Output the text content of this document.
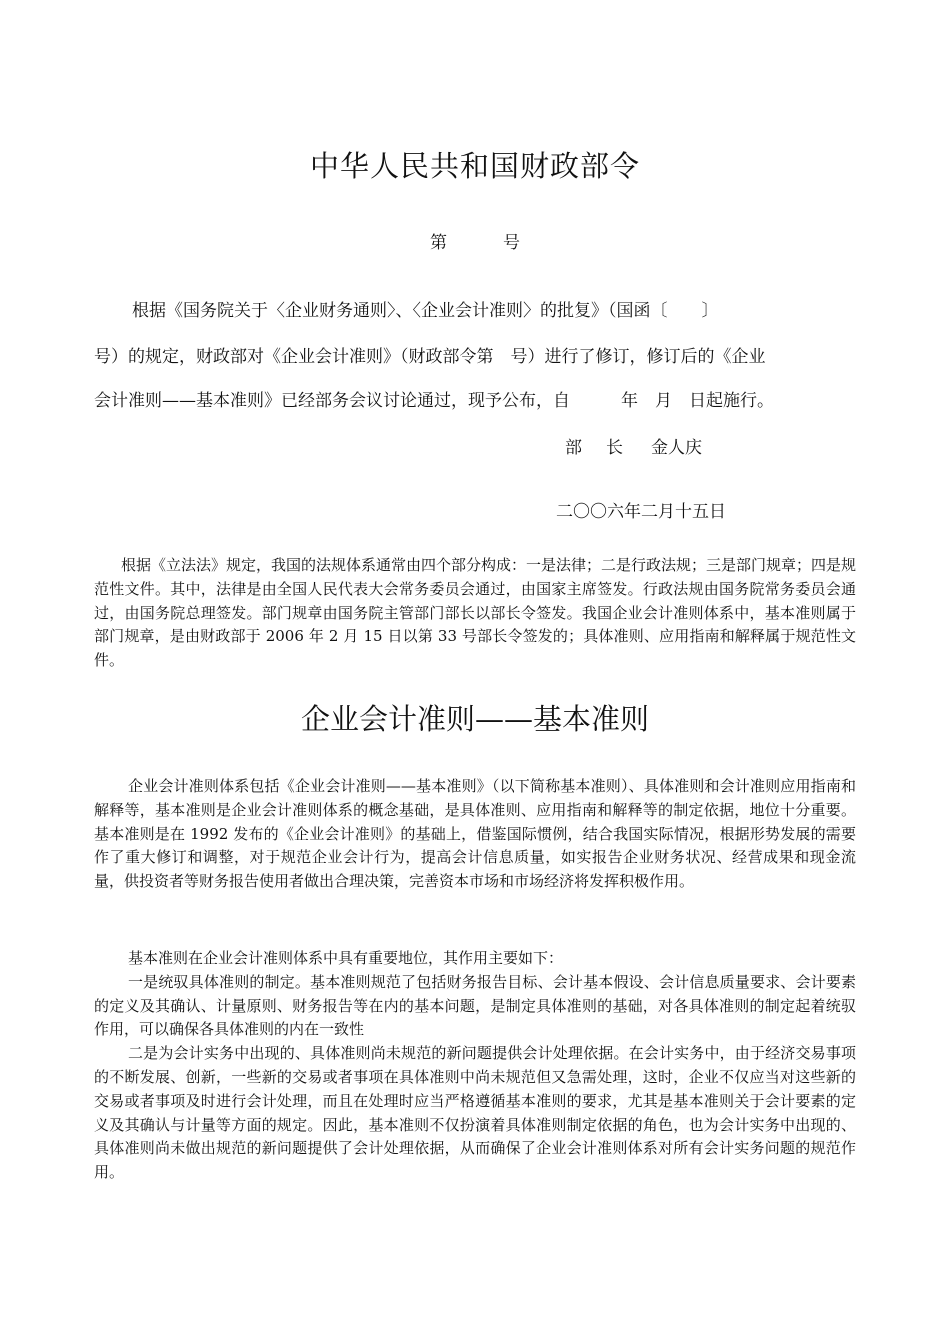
中华人民共和国财政部令
第	号
根据《国务院关于〈企业财务通则〉、〈企业会计准则〉的批复》（国函〔　　〕
号）的规定，财政部对《企业会计准则》（财政部令第　号）进行了修订，修订后的《企业
会计准则——基本准则》已经部务会议讨论通过，现予公布，自　　　年　月　日起施行。
部 长 金人庆
二〇〇六年二月十五日
根据《立法法》规定，我国的法规体系通常由四个部分构成：一是法律；二是行政法规；三是部门规章；四是规范性文件。其中，法律是由全国人民代表大会常务委员会通过，由国家主席签发。行政法规由国务院常务委员会通过，由国务院总理签发。部门规章由国务院主管部门部长以部长令签发。我国企业会计准则体系中，基本准则属于部门规章，是由财政部于 2006 年 2 月 15 日以第 33 号部长令签发的；具体准则、应用指南和解释属于规范性文件。
企业会计准则——基本准则
企业会计准则体系包括《企业会计准则——基本准则》（以下简称基本准则）、具体准则和会计准则应用指南和解释等，基本准则是企业会计准则体系的概念基础，是具体准则、应用指南和解释等的制定依据，地位十分重要。基本准则是在 1992 发布的《企业会计准则》的基础上，借鉴国际惯例，结合我国实际情况，根据形势发展的需要作了重大修订和调整，对于规范企业会计行为，提高会计信息质量，如实报告企业财务状况、经营成果和现金流量，供投资者等财务报告使用者做出合理决策，完善资本市场和市场经济将发挥积极作用。

基本准则在企业会计准则体系中具有重要地位，其作用主要如下：

一是统驭具体准则的制定。基本准则规范了包括财务报告目标、会计基本假设、会计信息质量要求、会计要素的定义及其确认、计量原则、财务报告等在内的基本问题，是制定具体准则的基础，对各具体准则的制定起着统驭作用，可以确保各具体准则的内在一致性

二是为会计实务中出现的、具体准则尚未规范的新问题提供会计处理依据。在会计实务中，由于经济交易事项的不断发展、创新，一些新的交易或者事项在具体准则中尚未规范但又急需处理，这时，企业不仅应当对这些新的交易或者事项及时进行会计处理，而且在处理时应当严格遵循基本准则的要求，尤其是基本准则关于会计要素的定义及其确认与计量等方面的规定。因此，基本准则不仅扮演着具体准则制定依据的角色，也为会计实务中出现的、具体准则尚未做出规范的新问题提供了会计处理依据，从而确保了企业会计准则体系对所有会计实务问题的规范作用。
